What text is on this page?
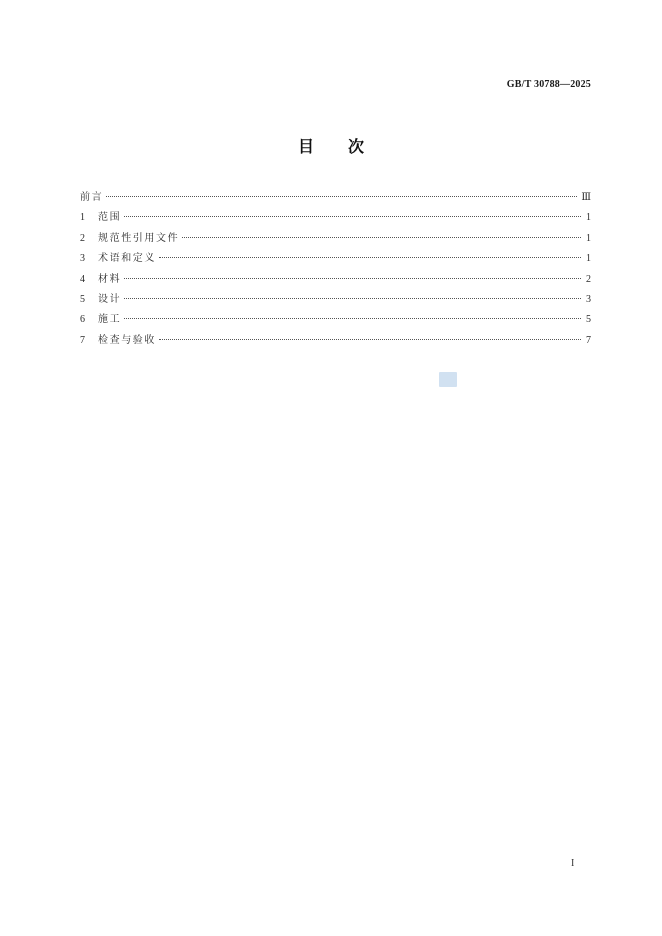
GB/T 30788—2025
目 次
前言	Ⅲ
1	范围	1
2	规范性引用文件	1
3	术语和定义	1
4	材料	2
5	设计	3
6	施工	5
7	检查与验收	7
I
